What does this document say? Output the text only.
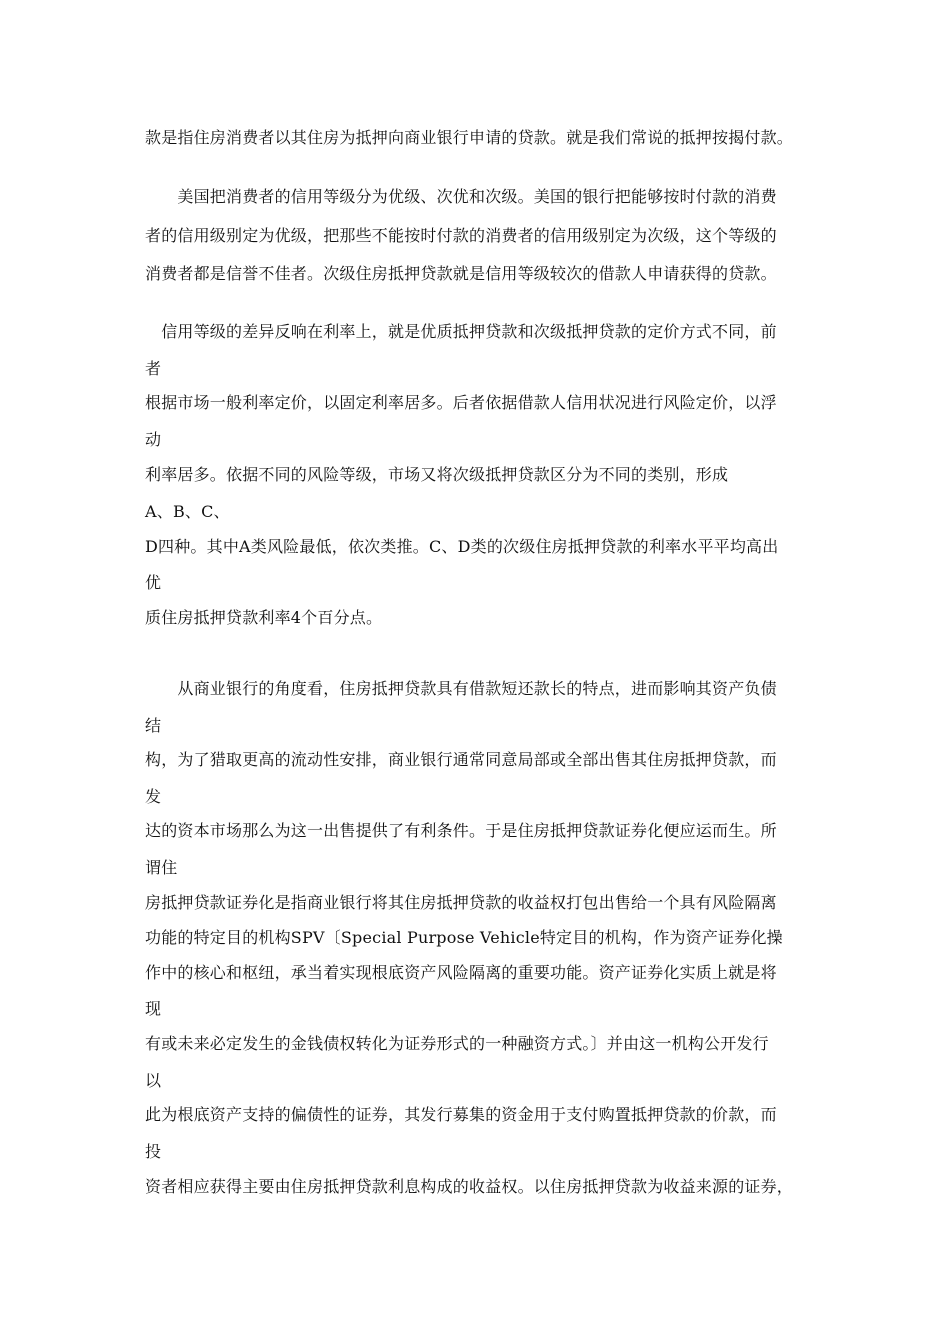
款是指住房消费者以其住房为抵押向商业银行申请的贷款。就是我们常说的抵押按揭付款。
　　美国把消费者的信用等级分为优级、次优和次级。美国的银行把能够按时付款的消费
者的信用级别定为优级，把那些不能按时付款的消费者的信用级别定为次级，这个等级的
消费者都是信誉不佳者。次级住房抵押贷款就是信用等级较次的借款人申请获得的贷款。
　信用等级的差异反响在利率上，就是优质抵押贷款和次级抵押贷款的定价方式不同，前
者
根据市场一般利率定价，以固定利率居多。后者依据借款人信用状况进行风险定价，以浮
动
利率居多。依据不同的风险等级，市场又将次级抵押贷款区分为不同的类别，形成
A、B、C、
D四种。其中A类风险最低，依次类推。C、D类的次级住房抵押贷款的利率水平平均高出
优
质住房抵押贷款利率4个百分点。
　　从商业银行的角度看，住房抵押贷款具有借款短还款长的特点，进而影响其资产负债
结
构，为了猎取更高的流动性安排，商业银行通常同意局部或全部出售其住房抵押贷款，而
发
达的资本市场那么为这一出售提供了有利条件。于是住房抵押贷款证券化便应运而生。所
谓住
房抵押贷款证券化是指商业银行将其住房抵押贷款的收益权打包出售给一个具有风险隔离
功能的特定目的机构SPV〔Special Purpose Vehicle特定目的机构，作为资产证券化操
作中的核心和枢纽，承当着实现根底资产风险隔离的重要功能。资产证券化实质上就是将
现
有或未来必定发生的金钱债权转化为证券形式的一种融资方式。〕并由这一机构公开发行
以
此为根底资产支持的偏债性的证券，其发行募集的资金用于支付购置抵押贷款的价款，而
投
资者相应获得主要由住房抵押贷款利息构成的收益权。以住房抵押贷款为收益来源的证券，
